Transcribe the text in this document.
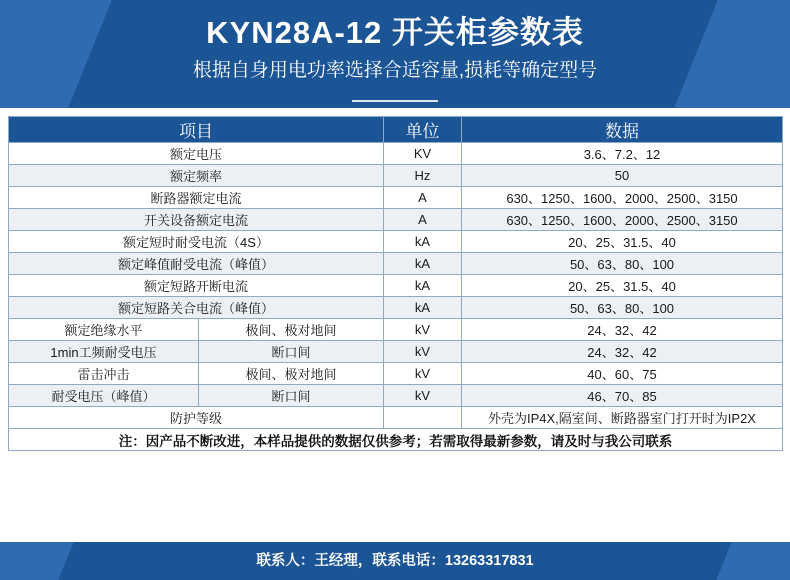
KYN28A-12 开关柜参数表
根据自身用电功率选择合适容量,损耗等确定型号
项目		单位	数据
额定电压		KV	3.6、7.2、12
额定频率		Hz	50
断路器额定电流		A	630、1250、1600、2000、2500、3150
开关设备额定电流		A	630、1250、1600、2000、2500、3150
额定短时耐受电流（4S）		kA	20、25、31.5、40
额定峰值耐受电流（峰值）		kA	50、63、80、100
额定短路开断电流		kA	20、25、31.5、40
额定短路关合电流（峰值）		kA	50、63、80、100
额定绝缘水平	极间、极对地间	kV	24、32、42
1min工频耐受电压	断口间	kV	24、32、42
雷击冲击	极间、极对地间	kV	40、60、75
耐受电压（峰值）	断口间	kV	46、70、85
防护等级			外壳为IP4X,隔室间、断路器室门打开时为IP2X
注：因产品不断改进，本样品提供的数据仅供参考；若需取得最新参数，请及时与我公司联系			
联系人：王经理，联系电话：13263317831
